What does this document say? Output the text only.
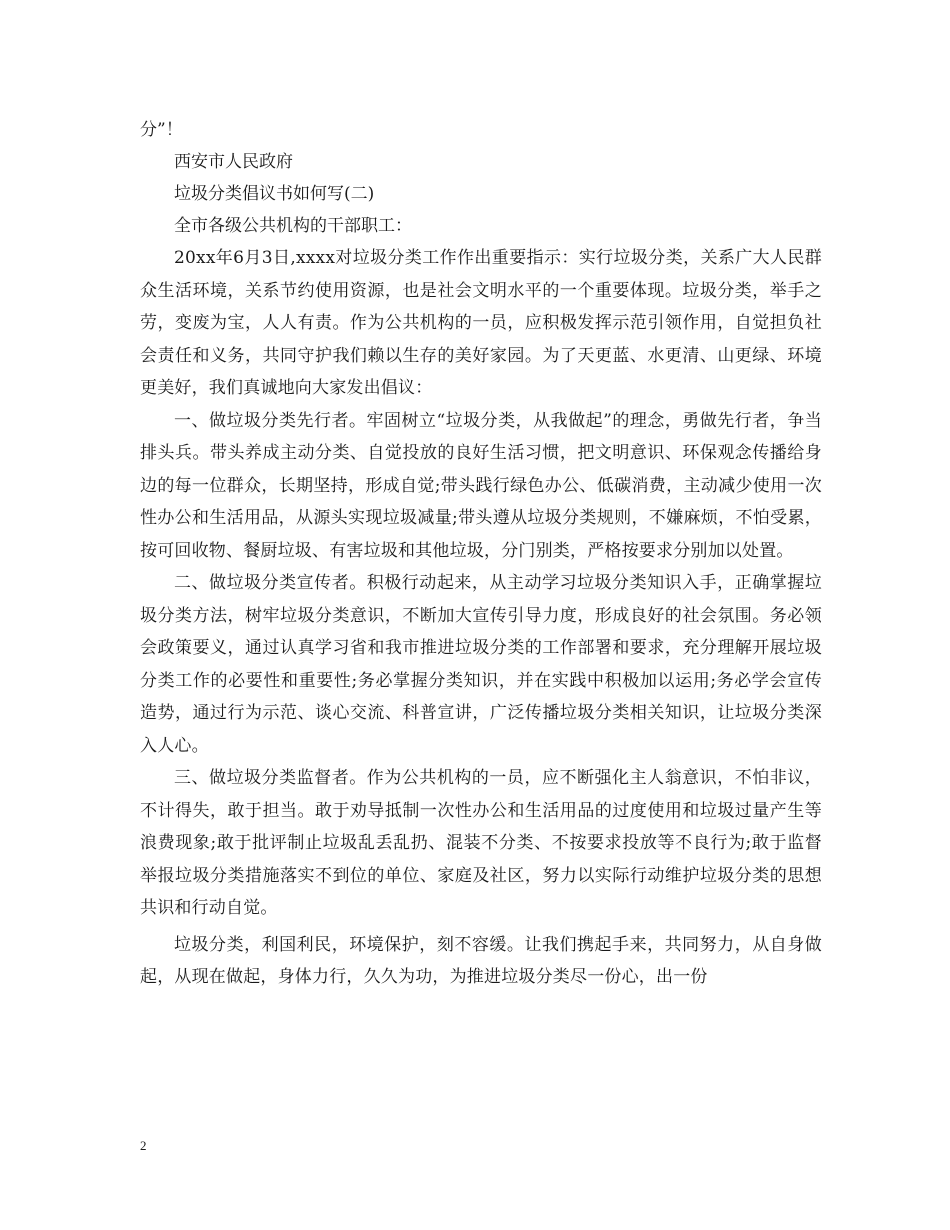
分”！

西安市人民政府

垃圾分类倡议书如何写(二)

全市各级公共机构的干部职工：

20xx年6月3日,xxxx对垃圾分类工作作出重要指示：实行垃圾分类，关系广大人民群众生活环境，关系节约使用资源，也是社会文明水平的一个重要体现。垃圾分类，举手之劳，变废为宝，人人有责。作为公共机构的一员，应积极发挥示范引领作用，自觉担负社会责任和义务，共同守护我们赖以生存的美好家园。为了天更蓝、水更清、山更绿、环境更美好，我们真诚地向大家发出倡议：

一、做垃圾分类先行者。牢固树立“垃圾分类，从我做起”的理念，勇做先行者，争当排头兵。带头养成主动分类、自觉投放的良好生活习惯，把文明意识、环保观念传播给身边的每一位群众，长期坚持，形成自觉;带头践行绿色办公、低碳消费，主动减少使用一次性办公和生活用品，从源头实现垃圾减量;带头遵从垃圾分类规则，不嫌麻烦，不怕受累，按可回收物、餐厨垃圾、有害垃圾和其他垃圾，分门别类，严格按要求分别加以处置。

二、做垃圾分类宣传者。积极行动起来，从主动学习垃圾分类知识入手，正确掌握垃圾分类方法，树牢垃圾分类意识，不断加大宣传引导力度，形成良好的社会氛围。务必领会政策要义，通过认真学习省和我市推进垃圾分类的工作部署和要求，充分理解开展垃圾分类工作的必要性和重要性;务必掌握分类知识，并在实践中积极加以运用;务必学会宣传造势，通过行为示范、谈心交流、科普宣讲，广泛传播垃圾分类相关知识，让垃圾分类深入人心。

三、做垃圾分类监督者。作为公共机构的一员，应不断强化主人翁意识，不怕非议，不计得失，敢于担当。敢于劝导抵制一次性办公和生活用品的过度使用和垃圾过量产生等浪费现象;敢于批评制止垃圾乱丢乱扔、混装不分类、不按要求投放等不良行为;敢于监督举报垃圾分类措施落实不到位的单位、家庭及社区，努力以实际行动维护垃圾分类的思想共识和行动自觉。

垃圾分类，利国利民，环境保护，刻不容缓。让我们携起手来，共同努力，从自身做起，从现在做起，身体力行，久久为功，为推进垃圾分类尽一份心，出一份

2
